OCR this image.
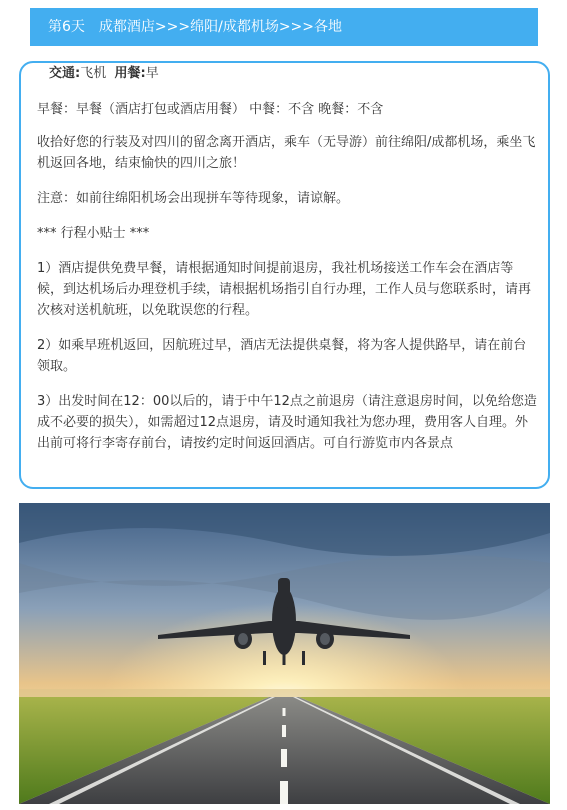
第6天 成都酒店>>>绵阳/成都机场>>>各地
交通:飞机 用餐:早

早餐：早餐（酒店打包或酒店用餐） 中餐：不含 晚餐：不含

收拾好您的行装及对四川的留念离开酒店，乘车（无导游）前往绵阳/成都机场，乘坐飞机返回各地，结束愉快的四川之旅！

注意：如前往绵阳机场会出现拼车等待现象，请谅解。

*** 行程小贴士 ***

1）酒店提供免费早餐，请根据通知时间提前退房，我社机场接送工作车会在酒店等候，到达机场后办理登机手续，请根据机场指引自行办理，工作人员与您联系时，请再次核对送机航班，以免耽误您的行程。

2）如乘早班机返回，因航班过早，酒店无法提供桌餐，将为客人提供路早，请在前台领取。

3）出发时间在12：00以后的，请于中午12点之前退房（请注意退房时间，以免给您造成不必要的损失），如需超过12点退房，请及时通知我社为您办理，费用客人自理。外出前可将行李寄存前台，请按约定时间返回酒店。可自行游览市内各景点
